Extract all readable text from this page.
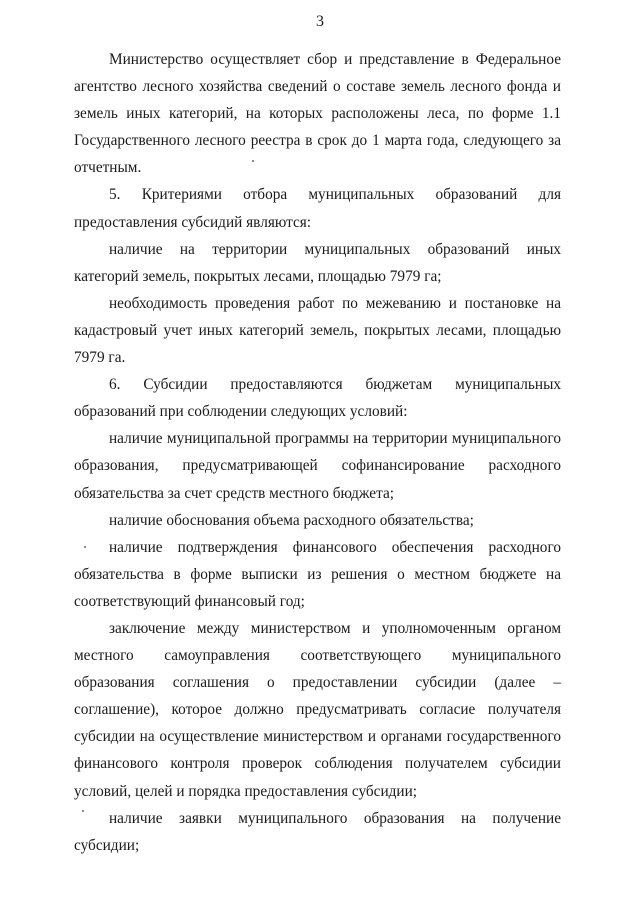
3

Министерство осуществляет сбор и представление в Федеральное агентство лесного хозяйства сведений о составе земель лесного фонда и земель иных категорий, на которых расположены леса, по форме 1.1 Государственного лесного реестра в срок до 1 марта года, следующего за отчетным.

5. Критериями отбора муниципальных образований для предоставления субсидий являются:

наличие на территории муниципальных образований иных категорий земель, покрытых лесами, площадью 7979 га;

необходимость проведения работ по межеванию и постановке на кадастровый учет иных категорий земель, покрытых лесами, площадью 7979 га.

6. Субсидии предоставляются бюджетам муниципальных образований при соблюдении следующих условий:

наличие муниципальной программы на территории муниципального образования, предусматривающей софинансирование расходного обязательства за счет средств местного бюджета;

наличие обоснования объема расходного обязательства;

наличие подтверждения финансового обеспечения расходного обязательства в форме выписки из решения о местном бюджете на соответствующий финансовый год;

заключение между министерством и уполномоченным органом местного самоуправления соответствующего муниципального образования соглашения о предоставлении субсидии (далее – соглашение), которое должно предусматривать согласие получателя субсидии на осуществление министерством и органами государственного финансового контроля проверок соблюдения получателем субсидии условий, целей и порядка предоставления субсидии;

наличие заявки муниципального образования на получение субсидии;
